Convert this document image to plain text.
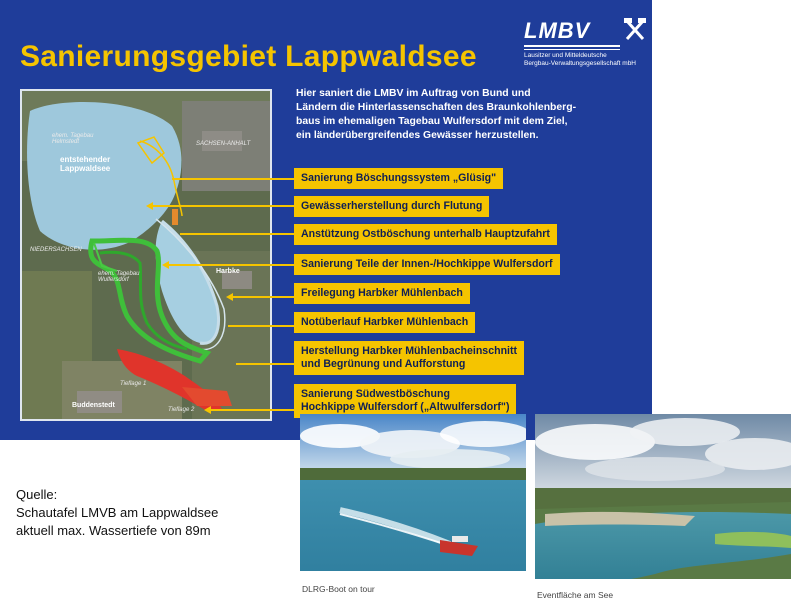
Sanierungsgebiet Lappwaldsee
LMBV
Lausitzer und Mitteldeutsche
Bergbau-Verwaltungsgesellschaft mbH
Hier saniert die LMBV im Auftrag von Bund und
Ländern die Hinterlassenschaften des Braunkohlenberg-
baus im ehemaligen Tagebau Wulfersdorf mit dem Ziel,
ein länderübergreifendes Gewässer herzustellen.
ehem. Tagebau
Helmstedt	SACHSEN-ANHALT
entstehender
Lappwaldsee
NIEDERSACHSEN
ehem. Tagebau
Wulfersdorf
Harbke
Tieflage 1
Buddenstedt
Tieflage 2
Sanierung Böschungssystem „Glüsig"
Gewässerherstellung durch Flutung
Anstützung Ostböschung unterhalb Hauptzufahrt
Sanierung Teile der Innen-/Hochkippe Wulfersdorf
Freilegung Harbker Mühlenbach
Notüberlauf Harbker Mühlenbach
Herstellung Harbker Mühlenbacheinschnitt
und Begrünung und Aufforstung
Sanierung Südwestböschung
Hochkippe Wulfersdorf („Altwulfersdorf")
Quelle:
Schautafel LMVB am Lappwaldsee
aktuell max. Wassertiefe von 89m
DLRG-Boot on tour
Eventfläche am See
